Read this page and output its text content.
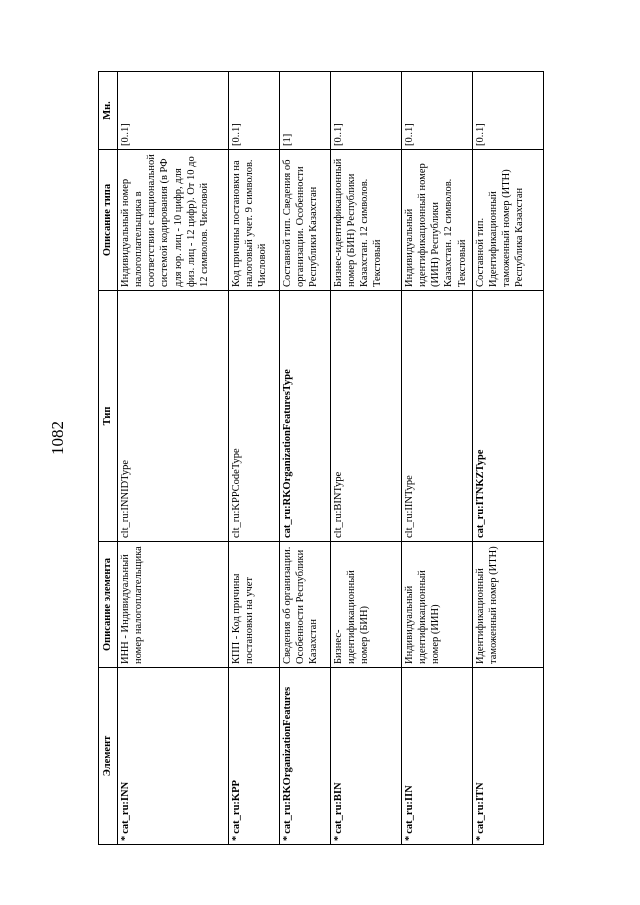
1082
Элемент	Описание элемента	Тип	Описание типа	Мн.
*cat_ru:INN	ИНН - Индивидуальный номер налогоплательщика	clt_ru:INNIDType	Индивидуальный номер налогоплательщика в соответствии с национальной системой кодирования (в РФ для юр. лиц - 10 цифр, для физ. лиц - 12 цифр). От 10 до 12 символов. Числовой	[0..1]
*cat_ru:KPP	КПП - Код причины постановки на учет	clt_ru:KPPCodeType	Код причины постановки на налоговый учет. 9 символов. Числовой	[0..1]
*cat_ru:RKOrganizationFeatures	Сведения об организации. Особенности Республики Казахстан	cat_ru:RKOrganizationFeaturesType	Составной тип. Сведения об организации. Особенности Республики Казахстан	[1]
*cat_ru:BIN	Бизнес-идентификационный номер (БИН)	clt_ru:BINType	Бизнес-идентификационный номер (БИН) Республики Казахстан. 12 символов. Текстовый	[0..1]
*cat_ru:IIN	Индивидуальный идентификационный номер (ИИН)	clt_ru:IINType	Индивидуальный идентификационный номер (ИИН) Республики Казахстан. 12 символов. Текстовый	[0..1]
*cat_ru:ITN	Идентификационный таможенный номер (ИТН)	cat_ru:ITNKZType	Составной тип. Идентификационный таможенный номер (ИТН) Республика Казахстан	[0..1]
